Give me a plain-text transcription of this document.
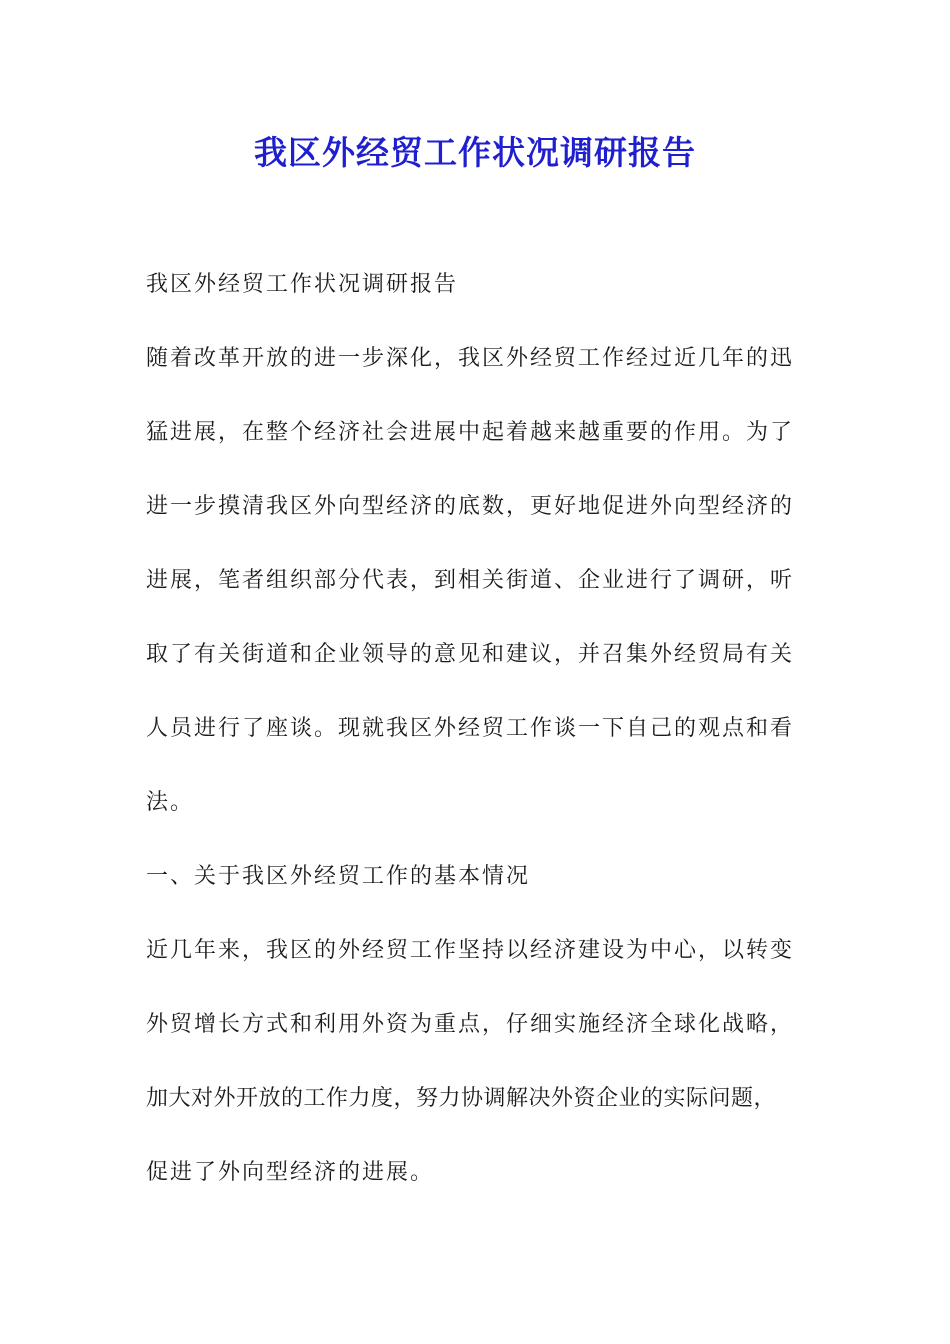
我区外经贸工作状况调研报告

我区外经贸工作状况调研报告

随着改革开放的进一步深化，我区外经贸工作经过近几年的迅

猛进展，在整个经济社会进展中起着越来越重要的作用。为了

进一步摸清我区外向型经济的底数，更好地促进外向型经济的

进展，笔者组织部分代表，到相关街道、企业进行了调研，听

取了有关街道和企业领导的意见和建议，并召集外经贸局有关

人员进行了座谈。现就我区外经贸工作谈一下自己的观点和看

法。

一、关于我区外经贸工作的基本情况

近几年来，我区的外经贸工作坚持以经济建设为中心，以转变

外贸增长方式和利用外资为重点，仔细实施经济全球化战略，

加大对外开放的工作力度，努力协调解决外资企业的实际问题，

促进了外向型经济的进展。
